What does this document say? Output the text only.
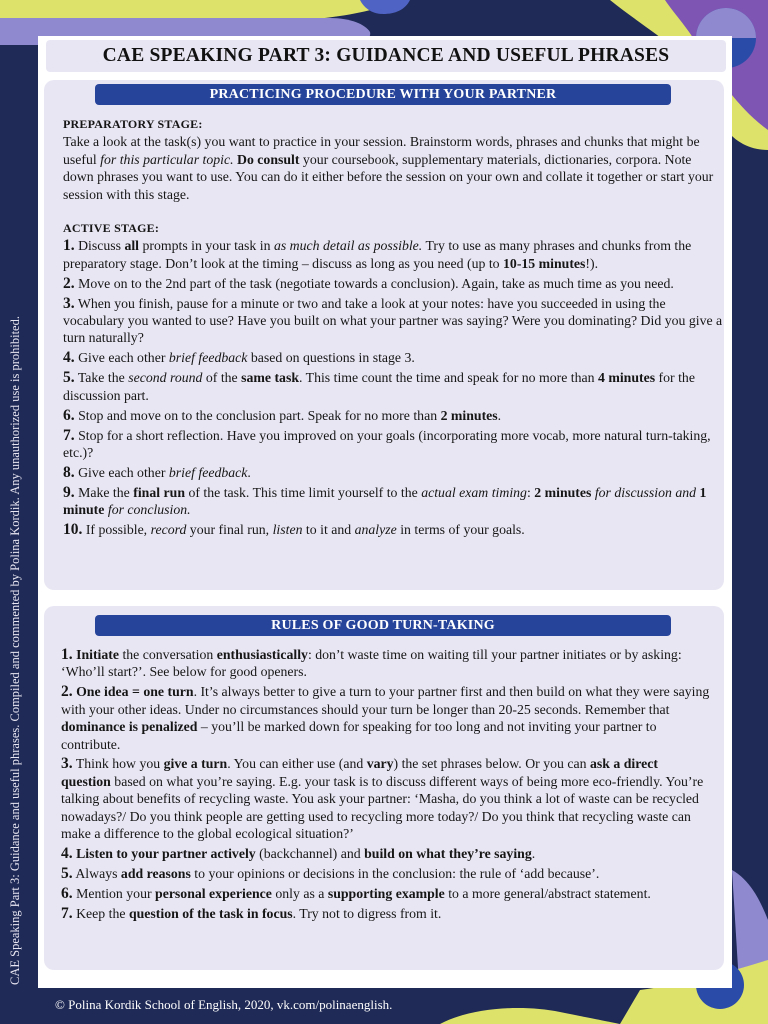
CAE Speaking Part 3: Guidance and useful phrases. Compiled and commented by Polina Kordik. Any unauthorized use is prohibited.
CAE SPEAKING PART 3: GUIDANCE AND USEFUL PHRASES
PRACTICING PROCEDURE WITH YOUR PARTNER

PREPARATORY STAGE:

Take a look at the task(s) you want to practice in your session. Brainstorm words, phrases and chunks that might be useful for this particular topic. Do consult your coursebook, supplementary materials, dictionaries, corpora. Note down phrases you want to use. You can do it either before the session on your own and collate it together or start your session with this stage.

ACTIVE STAGE:

1. Discuss all prompts in your task in as much detail as possible. Try to use as many phrases and chunks from the preparatory stage. Don’t look at the timing – discuss as long as you need (up to 10-15 minutes!).

2. Move on to the 2nd part of the task (negotiate towards a conclusion). Again, take as much time as you need.

3. When you finish, pause for a minute or two and take a look at your notes: have you succeeded in using the vocabulary you wanted to use? Have you built on what your partner was saying? Were you dominating? Did you give a turn naturally?

4. Give each other brief feedback based on questions in stage 3.

5. Take the second round of the same task. This time count the time and speak for no more than 4 minutes for the discussion part.

6. Stop and move on to the conclusion part. Speak for no more than 2 minutes.

7. Stop for a short reflection. Have you improved on your goals (incorporating more vocab, more natural turn-taking, etc.)?

8. Give each other brief feedback.

9. Make the final run of the task. This time limit yourself to the actual exam timing: 2 minutes for discussion and 1 minute for conclusion.

10. If possible, record your final run, listen to it and analyze in terms of your goals.

RULES OF GOOD TURN-TAKING

1. Initiate the conversation enthusiastically: don’t waste time on waiting till your partner initiates or by asking: ‘Who’ll start?’. See below for good openers.

2. One idea = one turn. It’s always better to give a turn to your partner first and then build on what they were saying with your other ideas. Under no circumstances should your turn be longer than 20-25 seconds. Remember that dominance is penalized – you’ll be marked down for speaking for too long and not inviting your partner to contribute.

3. Think how you give a turn. You can either use (and vary) the set phrases below. Or you can ask a direct question based on what you’re saying. E.g. your task is to discuss different ways of being more eco-friendly. You’re talking about benefits of recycling waste. You ask your partner: ‘Masha, do you think a lot of waste can be recycled nowadays?/ Do you think people are getting used to recycling more today?/ Do you think that recycling waste can make a difference to the global ecological situation?’

4. Listen to your partner actively (backchannel) and build on what they’re saying.

5. Always add reasons to your opinions or decisions in the conclusion: the rule of ‘add because’.

6. Mention your personal experience only as a supporting example to a more general/abstract statement.

7. Keep the question of the task in focus. Try not to digress from it.

© Polina Kordik School of English, 2020, vk.com/polinaenglish.
